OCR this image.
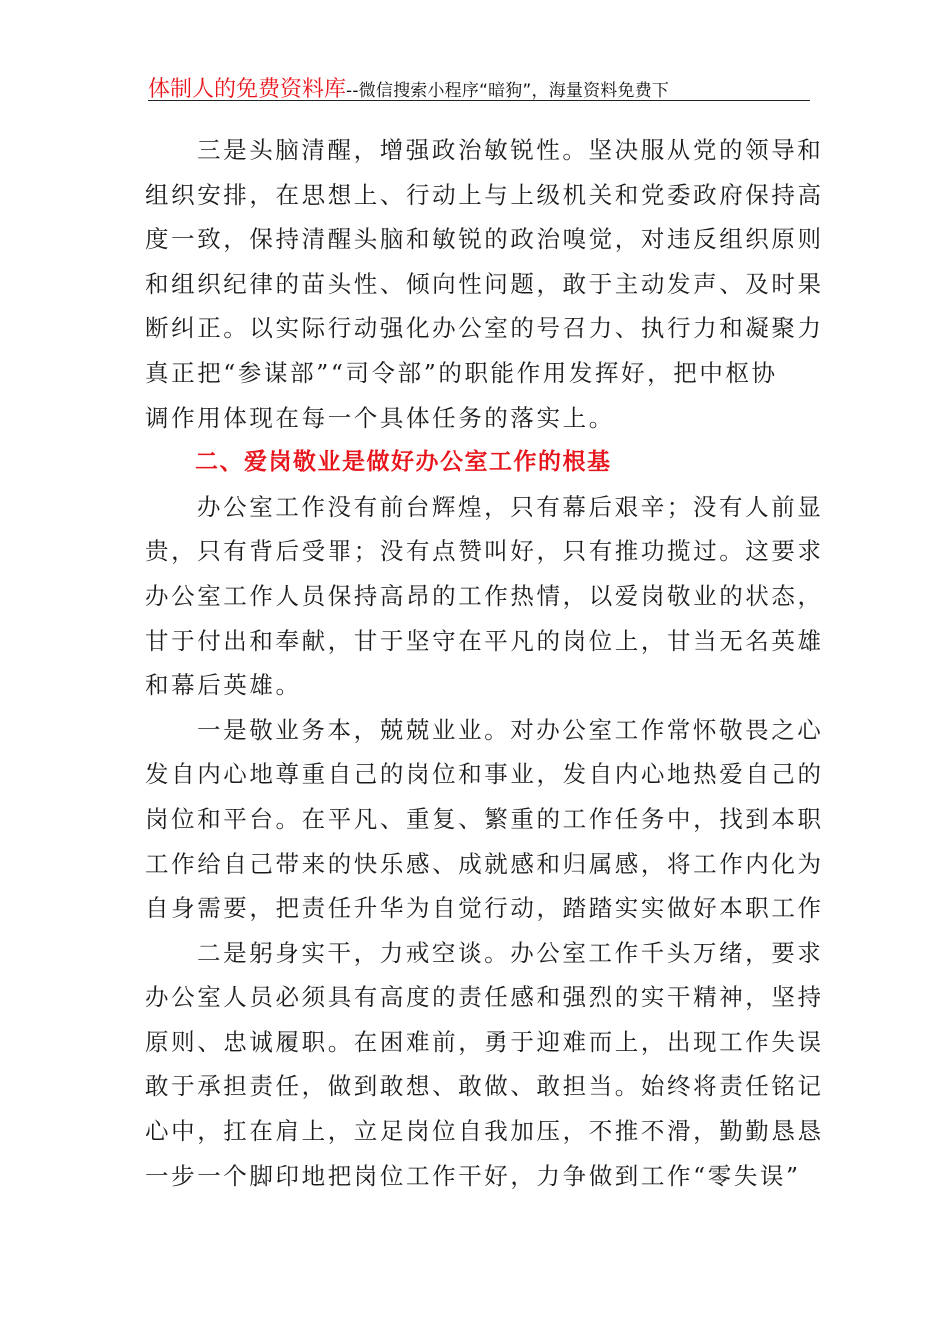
体制人的免费资料库--微信搜索小程序“暗狗”，海量资料免费下
三是头脑清醒，增强政治敏锐性。坚决服从党的领导和
组织安排，在思想上、行动上与上级机关和党委政府保持高
度一致，保持清醒头脑和敏锐的政治嗅觉，对违反组织原则
和组织纪律的苗头性、倾向性问题，敢于主动发声、及时果
断纠正。以实际行动强化办公室的号召力、执行力和凝聚力
真正把“参谋部”“司令部”的职能作用发挥好，把中枢协
调作用体现在每一个具体任务的落实上。
二、爱岗敬业是做好办公室工作的根基
办公室工作没有前台辉煌，只有幕后艰辛；没有人前显
贵，只有背后受罪；没有点赞叫好，只有推功揽过。这要求
办公室工作人员保持高昂的工作热情，以爱岗敬业的状态，
甘于付出和奉献，甘于坚守在平凡的岗位上，甘当无名英雄
和幕后英雄。
一是敬业务本，兢兢业业。对办公室工作常怀敬畏之心
发自内心地尊重自己的岗位和事业，发自内心地热爱自己的
岗位和平台。在平凡、重复、繁重的工作任务中，找到本职
工作给自己带来的快乐感、成就感和归属感，将工作内化为
自身需要，把责任升华为自觉行动，踏踏实实做好本职工作
二是躬身实干，力戒空谈。办公室工作千头万绪，要求
办公室人员必须具有高度的责任感和强烈的实干精神，坚持
原则、忠诚履职。在困难前，勇于迎难而上，出现工作失误
敢于承担责任，做到敢想、敢做、敢担当。始终将责任铭记
心中，扛在肩上，立足岗位自我加压，不推不滑，勤勤恳恳
一步一个脚印地把岗位工作干好，力争做到工作“零失误”
